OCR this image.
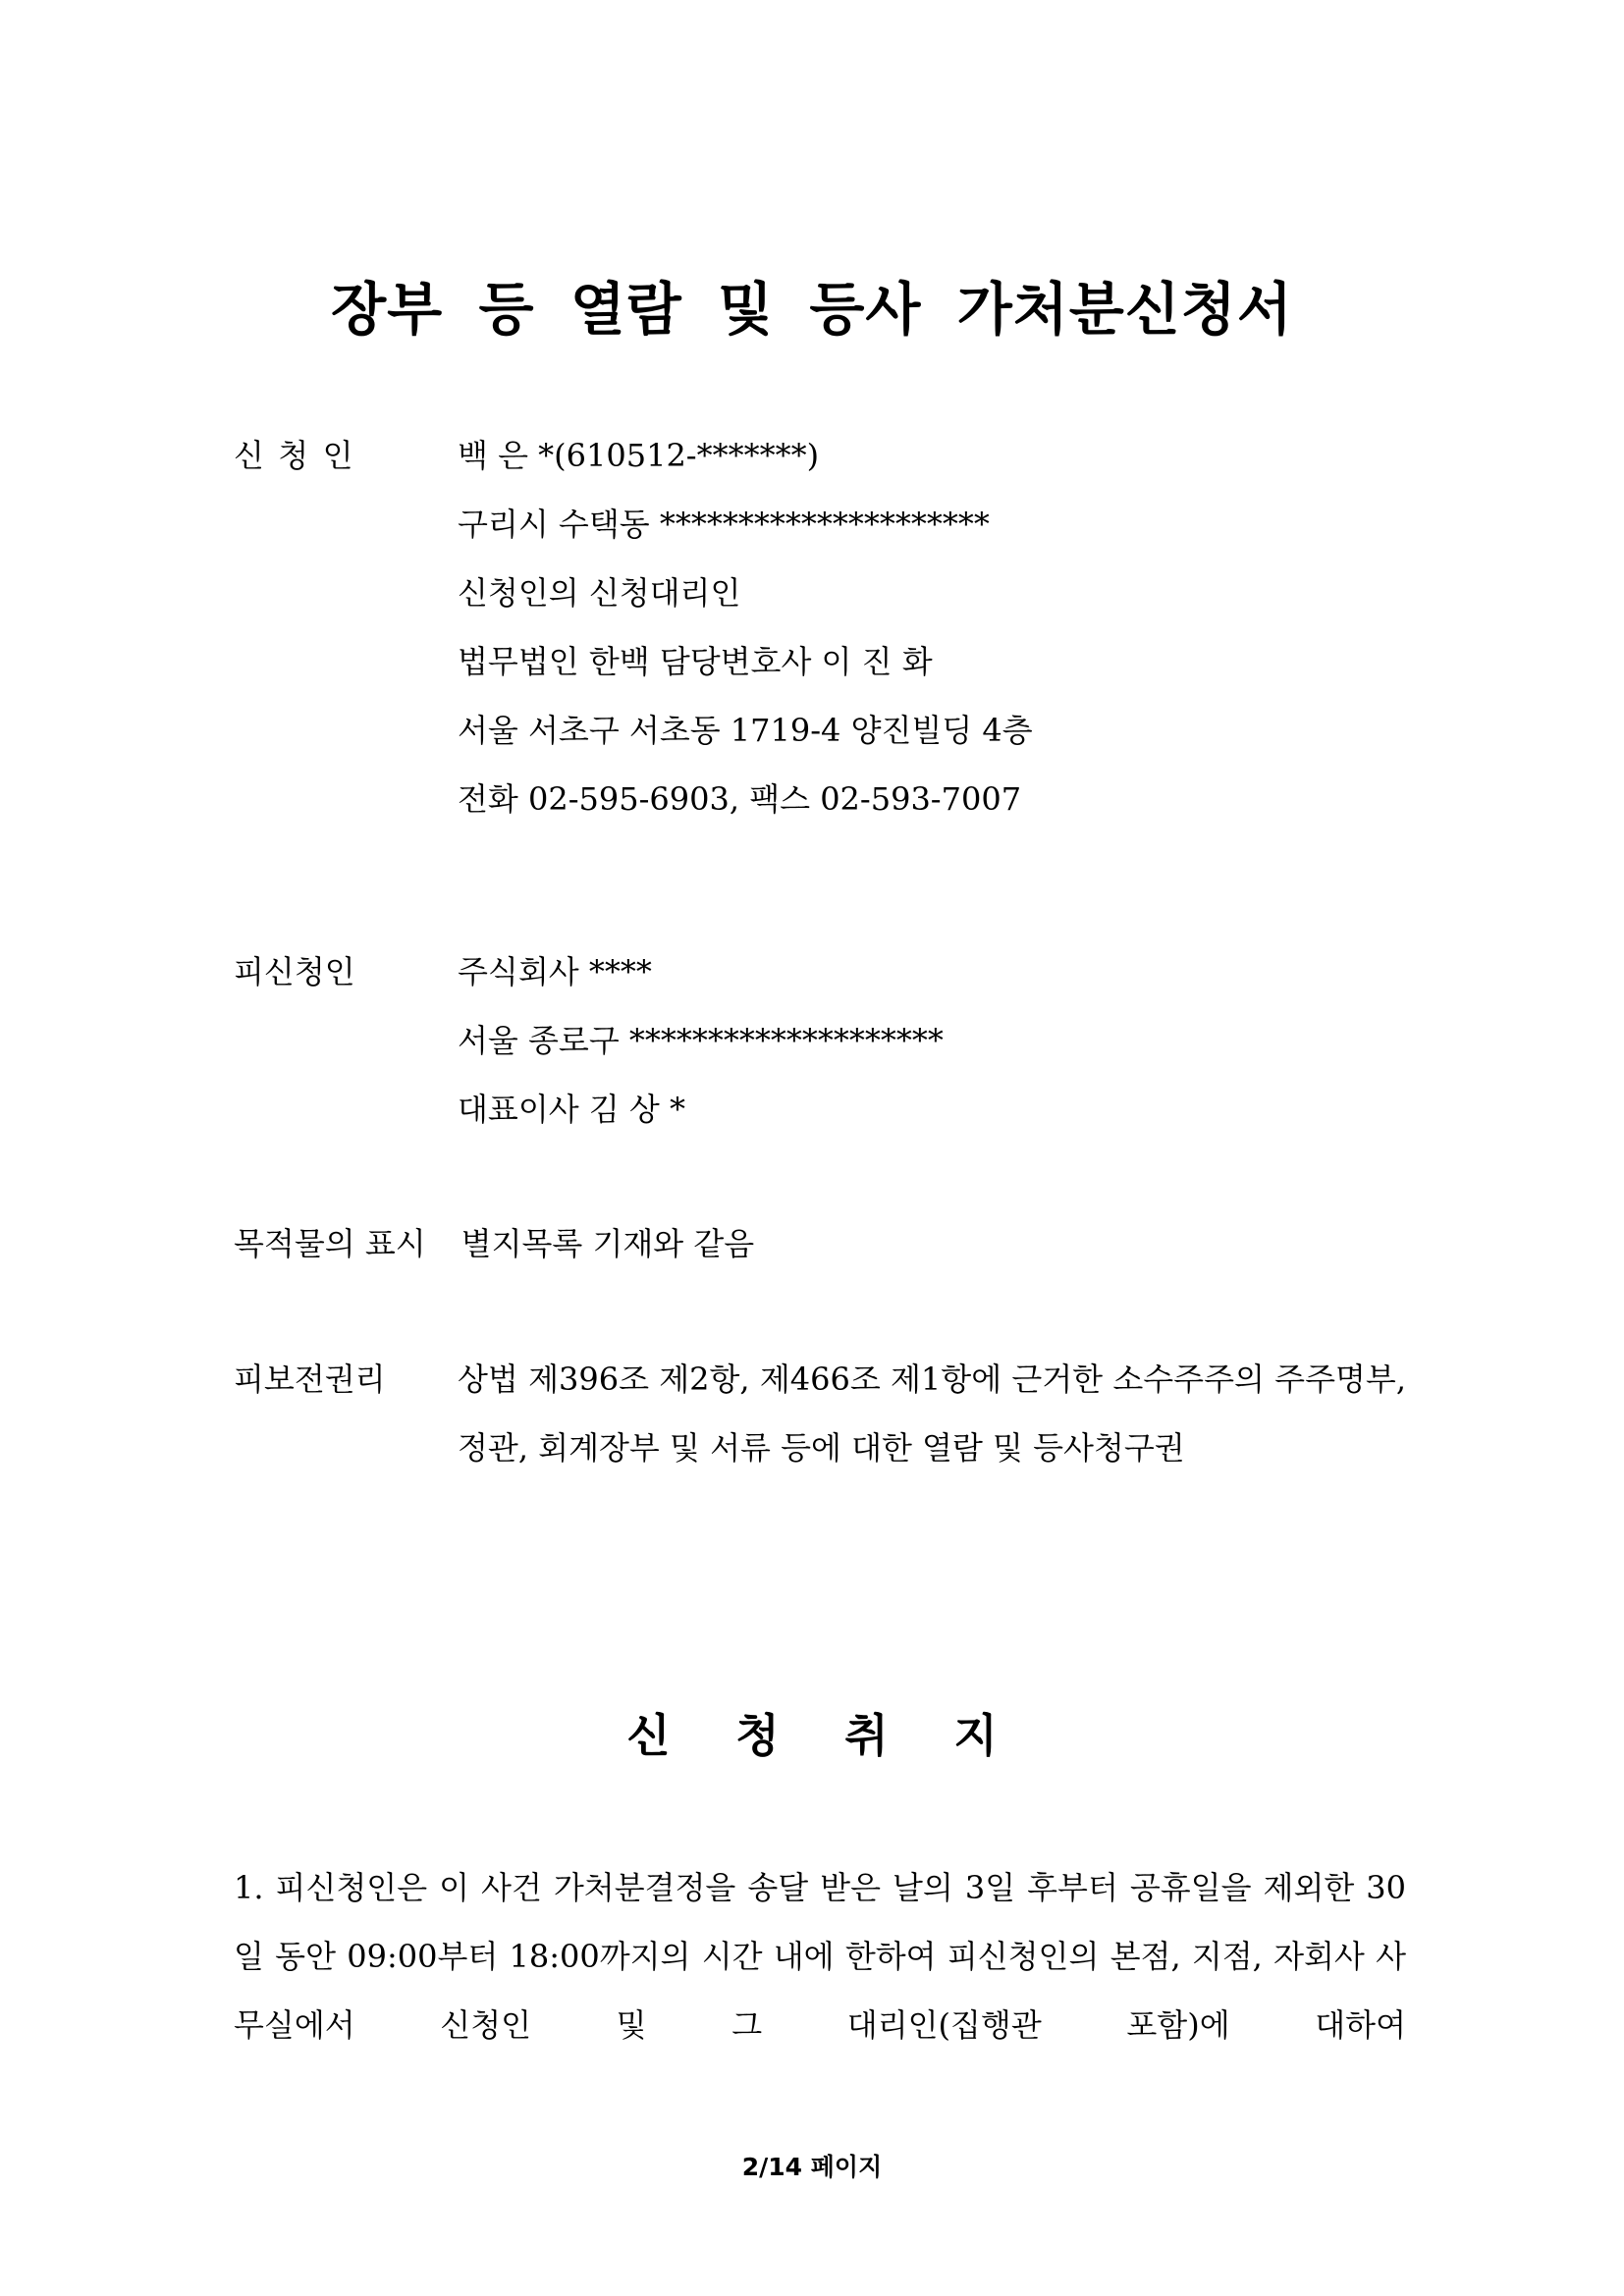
장부 등 열람 및 등사 가처분신청서
신청인	백 은 *(610512-*******)
구리시 수택동 *********************
신청인의 신청대리인
법무법인 한백 담당변호사 이 진 화
서울 서초구 서초동 1719-4 양진빌딩 4층
전화 02-595-6903, 팩스 02-593-7007
피신청인	주식회사 ****
서울 종로구 ********************
대표이사 김 상 *
목적물의 표시 별지목록 기재와 같음
피보전권리 상법 제396조 제2항, 제466조 제1항에 근거한 소수주주의 주주명부, 정관, 회계장부 및 서류 등에 대한 열람 및 등사청구권
신 청 취 지
1. 피신청인은 이 사건 가처분결정을 송달 받은 날의 3일 후부터 공휴일을 제외한 30일 동안 09:00부터 18:00까지의 시간 내에 한하여 피신청인의 본점, 지점, 자회사 사무실에서 신청인 및 그 대리인(집행관 포함)에 대하여
2/14 페이지
